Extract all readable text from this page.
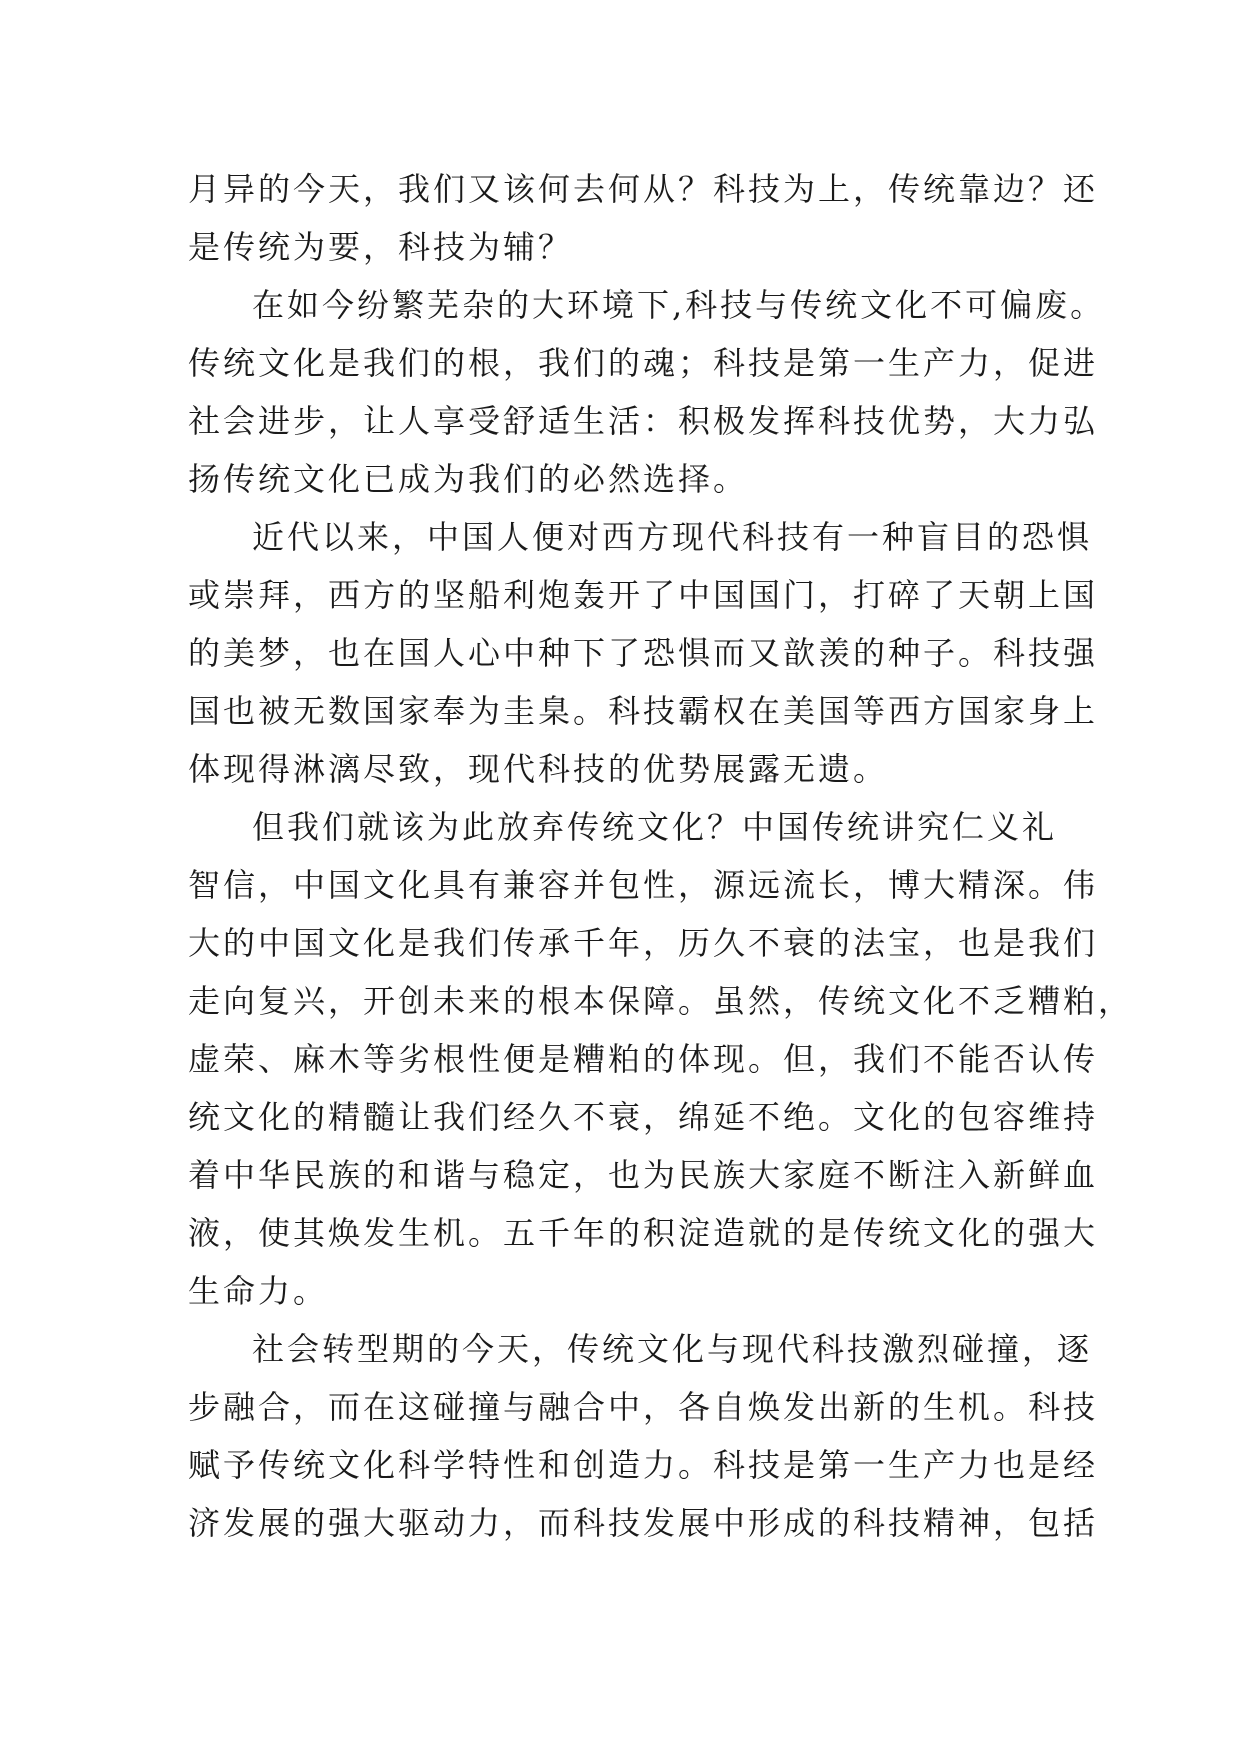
月异的今天，我们又该何去何从？科技为上，传统靠边？还
是传统为要，科技为辅？
在如今纷繁芜杂的大环境下,科技与传统文化不可偏废。
传统文化是我们的根，我们的魂；科技是第一生产力，促进
社会进步，让人享受舒适生活：积极发挥科技优势，大力弘
扬传统文化已成为我们的必然选择。
近代以来，中国人便对西方现代科技有一种盲目的恐惧
或崇拜，西方的坚船利炮轰开了中国国门，打碎了天朝上国
的美梦，也在国人心中种下了恐惧而又歆羡的种子。科技强
国也被无数国家奉为圭臬。科技霸权在美国等西方国家身上
体现得淋漓尽致，现代科技的优势展露无遗。
但我们就该为此放弃传统文化？中国传统讲究仁义礼
智信，中国文化具有兼容并包性，源远流长，博大精深。伟
大的中国文化是我们传承千年，历久不衰的法宝，也是我们
走向复兴，开创未来的根本保障。虽然，传统文化不乏糟粕，
虚荣、麻木等劣根性便是糟粕的体现。但，我们不能否认传
统文化的精髓让我们经久不衰，绵延不绝。文化的包容维持
着中华民族的和谐与稳定，也为民族大家庭不断注入新鲜血
液，使其焕发生机。五千年的积淀造就的是传统文化的强大
生命力。
社会转型期的今天，传统文化与现代科技激烈碰撞，逐
步融合，而在这碰撞与融合中，各自焕发出新的生机。科技
赋予传统文化科学特性和创造力。科技是第一生产力也是经
济发展的强大驱动力，而科技发展中形成的科技精神，包括
